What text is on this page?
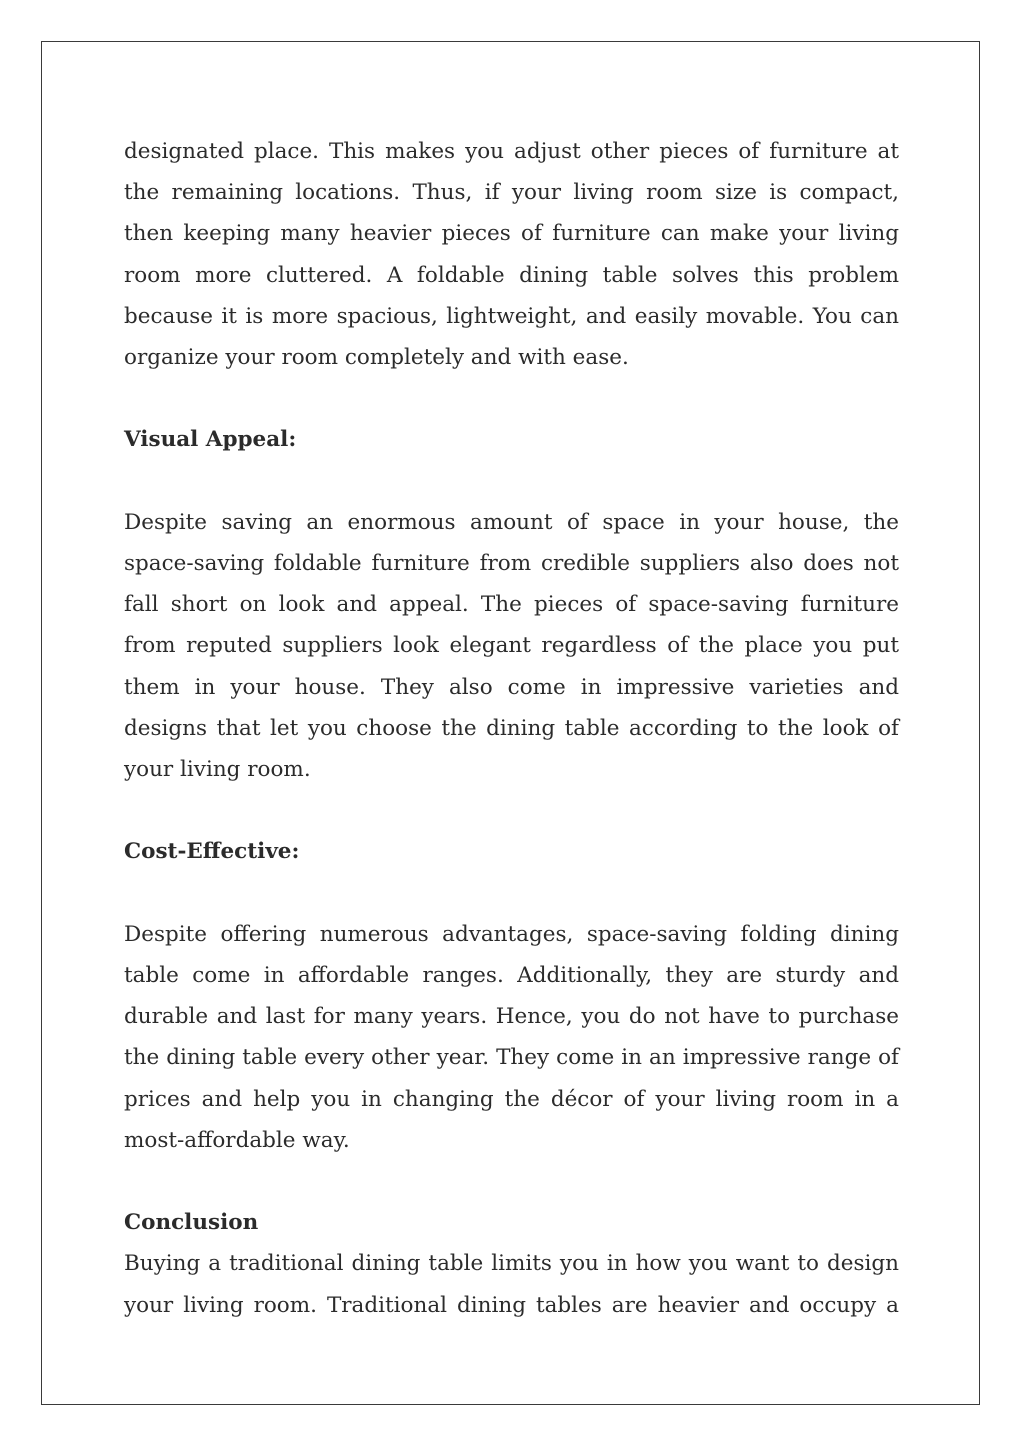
designated place. This makes you adjust other pieces of furniture at the remaining locations. Thus, if your living room size is compact, then keeping many heavier pieces of furniture can make your living room more cluttered. A foldable dining table solves this problem because it is more spacious, lightweight, and easily movable. You can organize your room completely and with ease.

Visual Appeal:

Despite saving an enormous amount of space in your house, the space-saving foldable furniture from credible suppliers also does not fall short on look and appeal. The pieces of space-saving furniture from reputed suppliers look elegant regardless of the place you put them in your house. They also come in impressive varieties and designs that let you choose the dining table according to the look of your living room.

Cost-Effective:

Despite offering numerous advantages, space-saving folding dining table come in affordable ranges. Additionally, they are sturdy and durable and last for many years. Hence, you do not have to purchase the dining table every other year. They come in an impressive range of prices and help you in changing the décor of your living room in a most-affordable way.

Conclusion

Buying a traditional dining table limits you in how you want to design your living room. Traditional dining tables are heavier and occupy a
